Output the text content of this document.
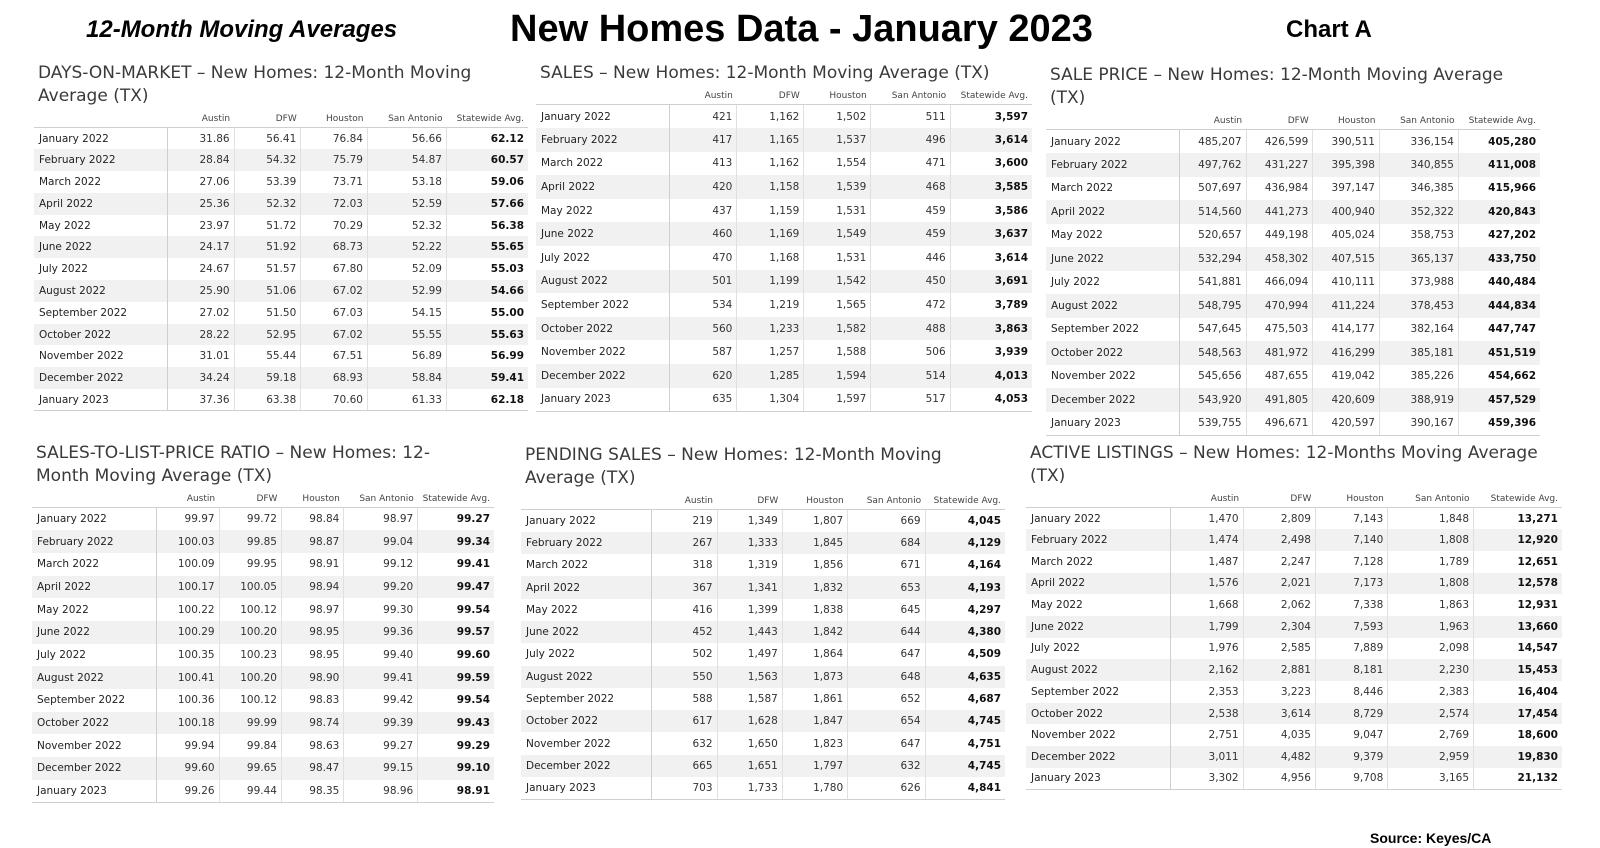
12-Month Moving Averages	New Homes Data - January 2023	Chart A
DAYS-ON-MARKET – New Homes: 12-Month Moving Average (TX)
	Austin	DFW	Houston	San Antonio	Statewide Avg.
January 2022	31.86	56.41	76.84	56.66	62.12
February 2022	28.84	54.32	75.79	54.87	60.57
March 2022	27.06	53.39	73.71	53.18	59.06
April 2022	25.36	52.32	72.03	52.59	57.66
May 2022	23.97	51.72	70.29	52.32	56.38
June 2022	24.17	51.92	68.73	52.22	55.65
July 2022	24.67	51.57	67.80	52.09	55.03
August 2022	25.90	51.06	67.02	52.99	54.66
September 2022	27.02	51.50	67.03	54.15	55.00
October 2022	28.22	52.95	67.02	55.55	55.63
November 2022	31.01	55.44	67.51	56.89	56.99
December 2022	34.24	59.18	68.93	58.84	59.41
January 2023	37.36	63.38	70.60	61.33	62.18
SALES – New Homes: 12-Month Moving Average (TX)
	Austin	DFW	Houston	San Antonio	Statewide Avg.
January 2022	421	1,162	1,502	511	3,597
February 2022	417	1,165	1,537	496	3,614
March 2022	413	1,162	1,554	471	3,600
April 2022	420	1,158	1,539	468	3,585
May 2022	437	1,159	1,531	459	3,586
June 2022	460	1,169	1,549	459	3,637
July 2022	470	1,168	1,531	446	3,614
August 2022	501	1,199	1,542	450	3,691
September 2022	534	1,219	1,565	472	3,789
October 2022	560	1,233	1,582	488	3,863
November 2022	587	1,257	1,588	506	3,939
December 2022	620	1,285	1,594	514	4,013
January 2023	635	1,304	1,597	517	4,053
SALE PRICE – New Homes: 12-Month Moving Average (TX)
	Austin	DFW	Houston	San Antonio	Statewide Avg.
January 2022	485,207	426,599	390,511	336,154	405,280
February 2022	497,762	431,227	395,398	340,855	411,008
March 2022	507,697	436,984	397,147	346,385	415,966
April 2022	514,560	441,273	400,940	352,322	420,843
May 2022	520,657	449,198	405,024	358,753	427,202
June 2022	532,294	458,302	407,515	365,137	433,750
July 2022	541,881	466,094	410,111	373,988	440,484
August 2022	548,795	470,994	411,224	378,453	444,834
September 2022	547,645	475,503	414,177	382,164	447,747
October 2022	548,563	481,972	416,299	385,181	451,519
November 2022	545,656	487,655	419,042	385,226	454,662
December 2022	543,920	491,805	420,609	388,919	457,529
January 2023	539,755	496,671	420,597	390,167	459,396
SALES-TO-LIST-PRICE RATIO – New Homes: 12-Month Moving Average (TX)
	Austin	DFW	Houston	San Antonio	Statewide Avg.
January 2022	99.97	99.72	98.84	98.97	99.27
February 2022	100.03	99.85	98.87	99.04	99.34
March 2022	100.09	99.95	98.91	99.12	99.41
April 2022	100.17	100.05	98.94	99.20	99.47
May 2022	100.22	100.12	98.97	99.30	99.54
June 2022	100.29	100.20	98.95	99.36	99.57
July 2022	100.35	100.23	98.95	99.40	99.60
August 2022	100.41	100.20	98.90	99.41	99.59
September 2022	100.36	100.12	98.83	99.42	99.54
October 2022	100.18	99.99	98.74	99.39	99.43
November 2022	99.94	99.84	98.63	99.27	99.29
December 2022	99.60	99.65	98.47	99.15	99.10
January 2023	99.26	99.44	98.35	98.96	98.91
PENDING SALES – New Homes: 12-Month Moving Average (TX)
	Austin	DFW	Houston	San Antonio	Statewide Avg.
January 2022	219	1,349	1,807	669	4,045
February 2022	267	1,333	1,845	684	4,129
March 2022	318	1,319	1,856	671	4,164
April 2022	367	1,341	1,832	653	4,193
May 2022	416	1,399	1,838	645	4,297
June 2022	452	1,443	1,842	644	4,380
July 2022	502	1,497	1,864	647	4,509
August 2022	550	1,563	1,873	648	4,635
September 2022	588	1,587	1,861	652	4,687
October 2022	617	1,628	1,847	654	4,745
November 2022	632	1,650	1,823	647	4,751
December 2022	665	1,651	1,797	632	4,745
January 2023	703	1,733	1,780	626	4,841
ACTIVE LISTINGS – New Homes: 12-Months Moving Average (TX)
	Austin	DFW	Houston	San Antonio	Statewide Avg.
January 2022	1,470	2,809	7,143	1,848	13,271
February 2022	1,474	2,498	7,140	1,808	12,920
March 2022	1,487	2,247	7,128	1,789	12,651
April 2022	1,576	2,021	7,173	1,808	12,578
May 2022	1,668	2,062	7,338	1,863	12,931
June 2022	1,799	2,304	7,593	1,963	13,660
July 2022	1,976	2,585	7,889	2,098	14,547
August 2022	2,162	2,881	8,181	2,230	15,453
September 2022	2,353	3,223	8,446	2,383	16,404
October 2022	2,538	3,614	8,729	2,574	17,454
November 2022	2,751	4,035	9,047	2,769	18,600
December 2022	3,011	4,482	9,379	2,959	19,830
January 2023	3,302	4,956	9,708	3,165	21,132
Source: Keyes/CA
